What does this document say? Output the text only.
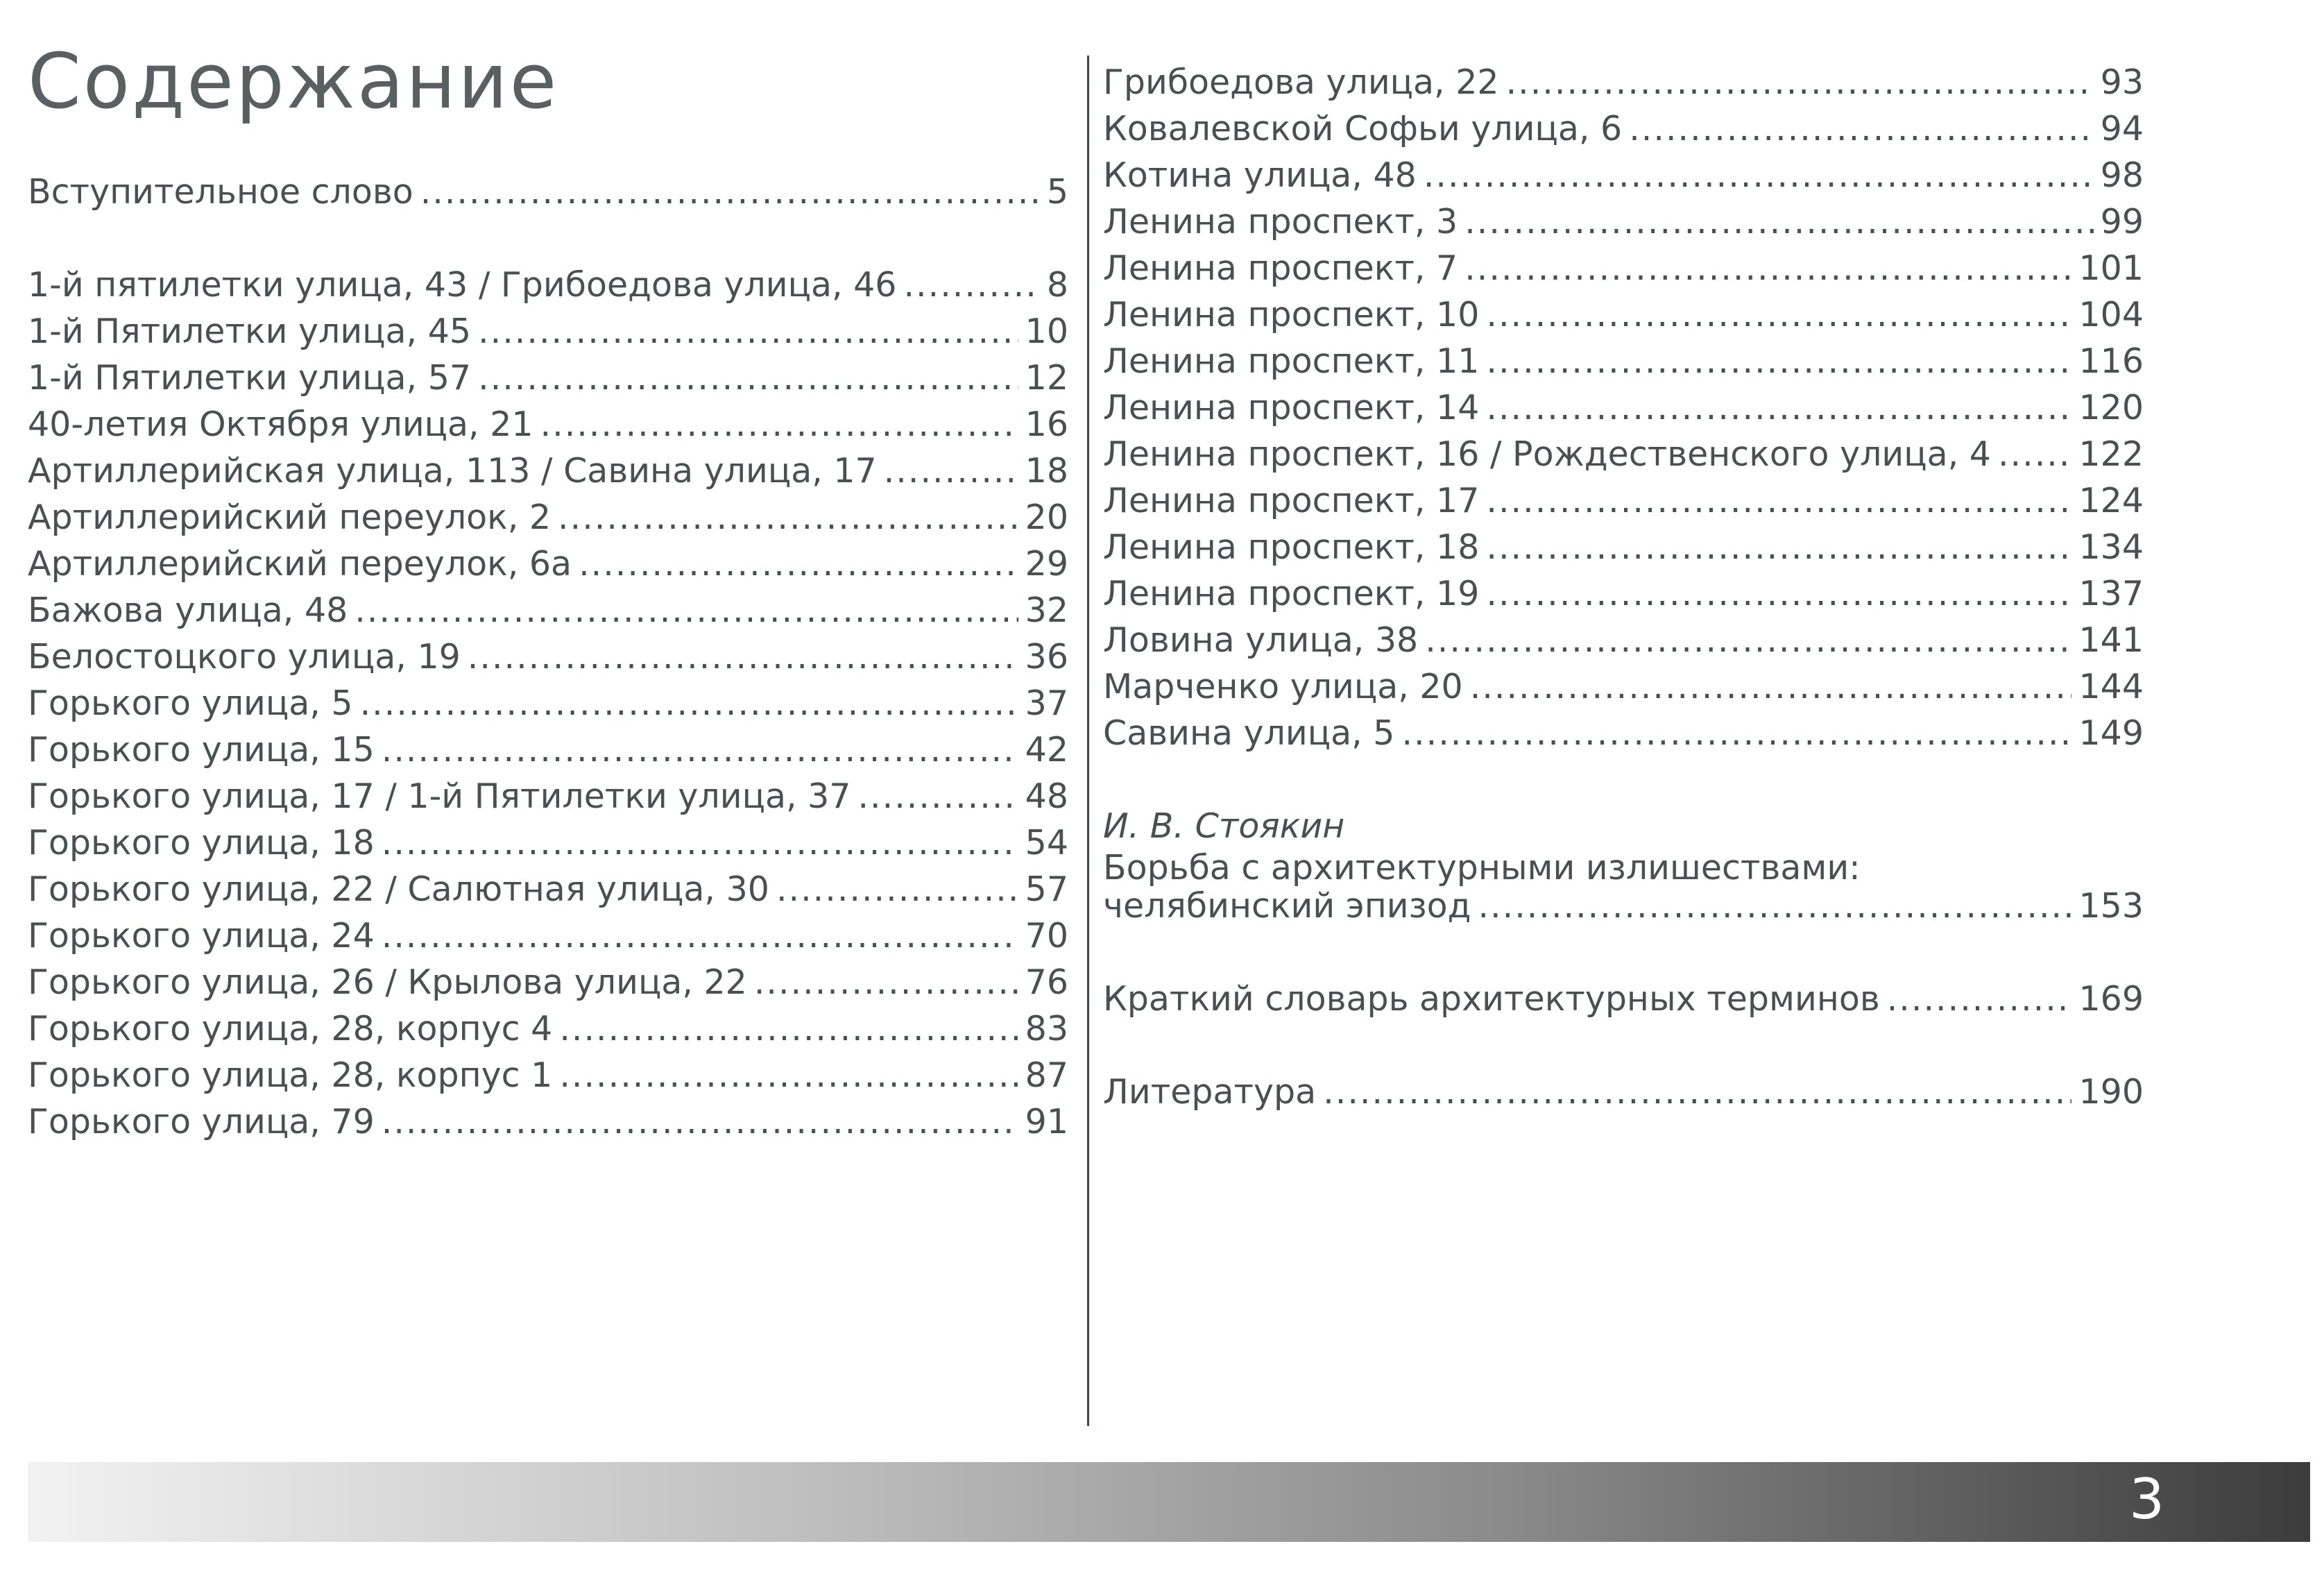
Содержание
Вступительное слово .....	5
1-й пятилетки улица, 43 / Грибоедова улица, 46 .....	8
1-й Пятилетки улица, 45 .....	10
1-й Пятилетки улица, 57 .....	12
40-летия Октября улица, 21 .....	16
Артиллерийская улица, 113 / Савина улица, 17 .....	18
Артиллерийский переулок, 2 .....	20
Артиллерийский переулок, 6а .....	29
Бажова улица, 48 .....	32
Белостоцкого улица, 19 .....	36
Горького улица, 5 .....	37
Горького улица, 15 .....	42
Горького улица, 17 / 1-й Пятилетки улица, 37 .....	48
Горького улица, 18 .....	54
Горького улица, 22 / Салютная улица, 30 .....	57
Горького улица, 24 .....	70
Горького улица, 26 / Крылова улица, 22 .....	76
Горького улица, 28, корпус 4 .....	83
Горького улица, 28, корпус 1 .....	87
Горького улица, 79 .....	91
Грибоедова улица, 22 .....	93
Ковалевской Софьи улица, 6 .....	94
Котина улица, 48 .....	98
Ленина проспект, 3 .....	99
Ленина проспект, 7 .....	101
Ленина проспект, 10 .....	104
Ленина проспект, 11 .....	116
Ленина проспект, 14 .....	120
Ленина проспект, 16 / Рождественского улица, 4 .....	122
Ленина проспект, 17 .....	124
Ленина проспект, 18 .....	134
Ленина проспект, 19 .....	137
Ловина улица, 38 .....	141
Марченко улица, 20 .....	144
Савина улица, 5 .....	149
И. В. Стоякин
Борьба с архитектурными излишествами:
челябинский эпизод .....	153
Краткий словарь архитектурных терминов .....	169
Литература .....	190
3
